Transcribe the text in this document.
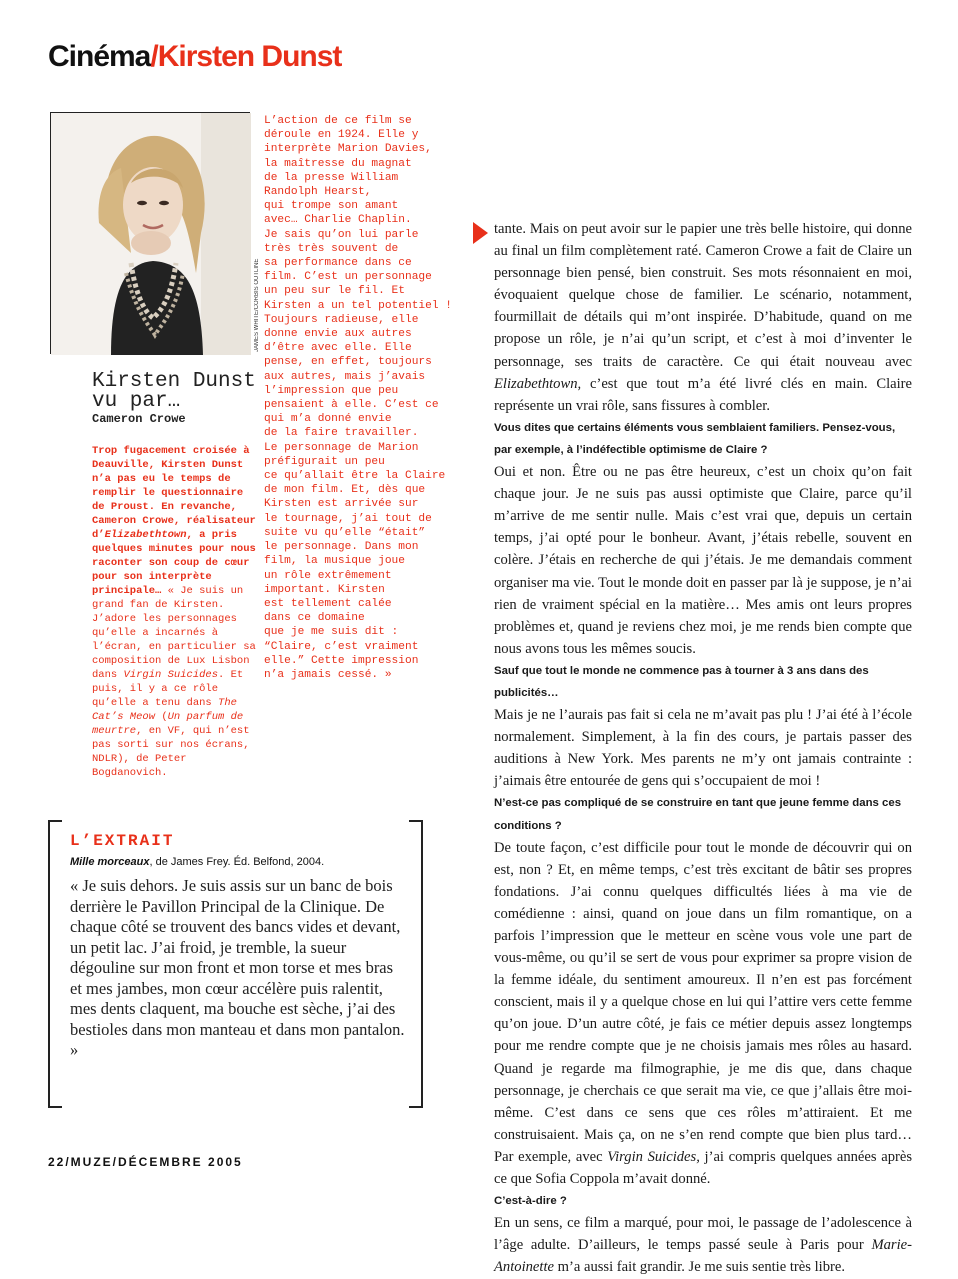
Cinéma/Kirsten Dunst
JAMES WHITE/CORBIS OUTLINE
Kirsten Dunst
vu par…
Cameron Crowe
Trop fugacement croisée à Deauville, Kirsten Dunst n’a pas eu le temps de remplir le questionnaire de Proust. En revanche, Cameron Crowe, réalisateur d’Elizabethtown, a pris quelques minutes pour nous raconter son coup de cœur pour son interprète principale… « Je suis un grand fan de Kirsten. J’adore les personnages qu’elle a incarnés à l’écran, en particulier sa composition de Lux Lisbon dans Virgin Suicides. Et puis, il y a ce rôle qu’elle a tenu dans The Cat’s Meow (Un parfum de meurtre, en VF, qui n’est pas sorti sur nos écrans, NDLR), de Peter Bogdanovich.
L’action de ce film se
déroule en 1924. Elle y
interprète Marion Davies,
la maîtresse du magnat
de la presse William
Randolph Hearst,
qui trompe son amant
avec… Charlie Chaplin.
Je sais qu’on lui parle
très très souvent de
sa performance dans ce
film. C’est un personnage
un peu sur le fil. Et
Kirsten a un tel potentiel !
Toujours radieuse, elle
donne envie aux autres
d’être avec elle. Elle
pense, en effet, toujours
aux autres, mais j’avais
l’impression que peu
pensaient à elle. C’est ce
qui m’a donné envie
de la faire travailler.
Le personnage de Marion
préfigurait un peu
ce qu’allait être la Claire
de mon film. Et, dès que
Kirsten est arrivée sur
le tournage, j’ai tout de
suite vu qu’elle “était”
le personnage. Dans mon
film, la musique joue
un rôle extrêmement
important. Kirsten
est tellement calée
dans ce domaine
que je me suis dit :
“Claire, c’est vraiment
elle.” Cette impression
n’a jamais cessé. »
L’EXTRAIT
Mille morceaux, de James Frey. Éd. Belfond, 2004.
« Je suis dehors. Je suis assis sur un banc de bois derrière le Pavillon Principal de la Clinique. De chaque côté se trouvent des bancs vides et devant, un petit lac. J’ai froid, je tremble, la sueur dégouline sur mon front et mon torse et mes bras et mes jambes, mon cœur accélère puis ralentit, mes dents claquent, ma bouche est sèche, j’ai des bestioles dans mon manteau et dans mon pantalon. »

tante. Mais on peut avoir sur le papier une très belle histoire, qui donne au final un film complètement raté. Cameron Crowe a fait de Claire un personnage bien pensé, bien construit. Ses mots résonnaient en moi, évoquaient quelque chose de familier. Le scénario, notamment, fourmillait de détails qui m’ont inspirée. D’habitude, quand on me propose un rôle, je n’ai qu’un script, et c’est à moi d’inventer le personnage, ses traits de caractère. Ce qui était nouveau avec Elizabethtown, c’est que tout m’a été livré clés en main. Claire représente un vrai rôle, sans fissures à combler.

Vous dites que certains éléments vous semblaient familiers. Pensez-vous, par exemple, à l’indéfectible optimisme de Claire ?

Oui et non. Être ou ne pas être heureux, c’est un choix qu’on fait chaque jour. Je ne suis pas aussi optimiste que Claire, parce qu’il m’arrive de me sentir nulle. Mais c’est vrai que, depuis un certain temps, j’ai opté pour le bonheur. Avant, j’étais rebelle, souvent en colère. J’étais en recherche de qui j’étais. Je me demandais comment organiser ma vie. Tout le monde doit en passer par là je suppose, je n’ai rien de vraiment spécial en la matière… Mes amis ont leurs propres problèmes et, quand je reviens chez moi, je me rends bien compte que nous avons tous les mêmes soucis.

Sauf que tout le monde ne commence pas à tourner à 3 ans dans des publicités…

Mais je ne l’aurais pas fait si cela ne m’avait pas plu ! J’ai été à l’école normalement. Simplement, à la fin des cours, je partais passer des auditions à New York. Mes parents ne m’y ont jamais contrainte : j’aimais être entourée de gens qui s’occupaient de moi !

N’est-ce pas compliqué de se construire en tant que jeune femme dans ces conditions ?

De toute façon, c’est difficile pour tout le monde de découvrir qui on est, non ? Et, en même temps, c’est très excitant de bâtir ses propres fondations. J’ai connu quelques difficultés liées à ma vie de comédienne : ainsi, quand on joue dans un film romantique, on a parfois l’impression que le metteur en scène vous vole une part de vous-même, ou qu’il se sert de vous pour exprimer sa propre vision de la femme idéale, du sentiment amoureux. Il n’en est pas forcément conscient, mais il y a quelque chose en lui qui l’attire vers cette femme qu’on joue. D’un autre côté, je fais ce métier depuis assez longtemps pour me rendre compte que je ne choisis jamais mes rôles au hasard. Quand je regarde ma filmographie, je me dis que, dans chaque personnage, je cherchais ce que serait ma vie, ce que j’allais être moi-même. C’est dans ce sens que ces rôles m’attiraient. Et me construisaient. Mais ça, on ne s’en rend compte que bien plus tard… Par exemple, avec Virgin Suicides, j’ai compris quelques années après ce que Sofia Coppola m’avait donné.

C’est-à-dire ?

En un sens, ce film a marqué, pour moi, le passage de l’adolescence à l’âge adulte. D’ailleurs, le temps passé seule à Paris pour Marie-Antoinette m’a aussi fait grandir. Je me suis sentie très libre.

22/MUZE/DÉCEMBRE 2005
